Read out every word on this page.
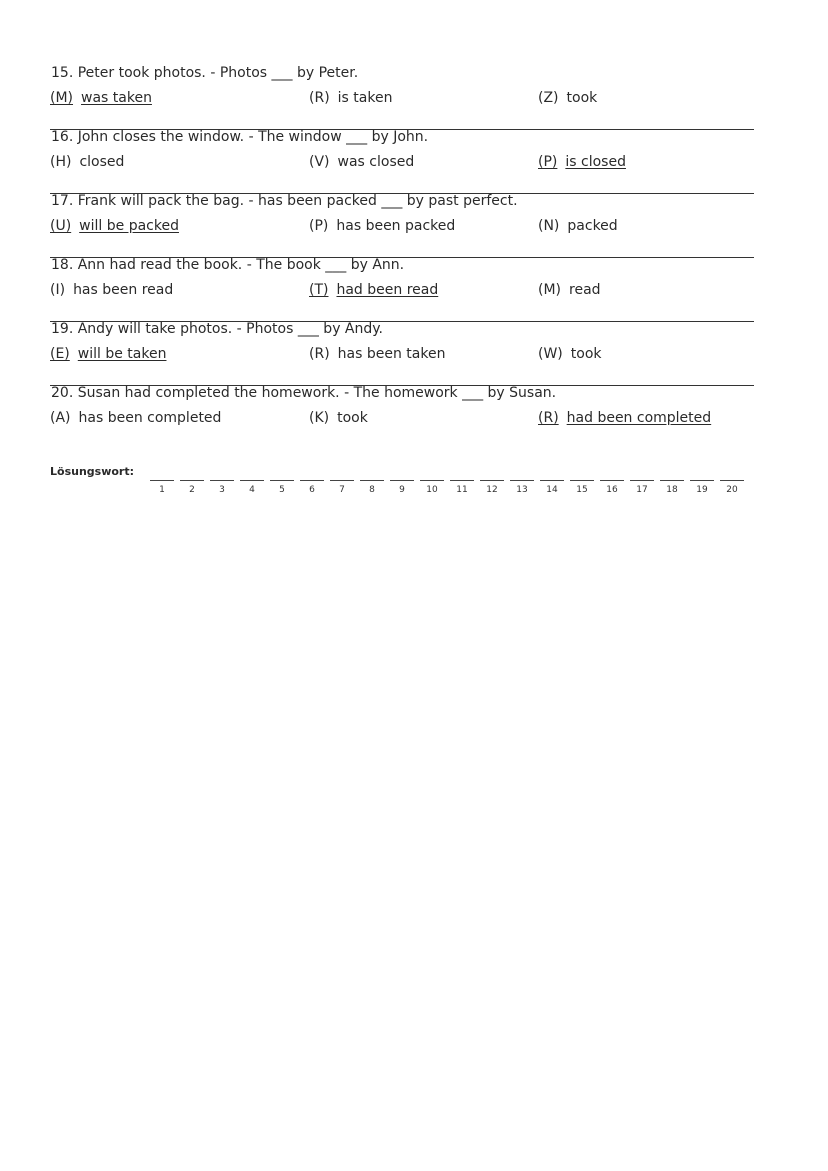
15. Peter took photos. - Photos ___ by Peter.
(M) was taken	(R) is taken	(Z) took
16. John closes the window. - The window ___ by John.
(H) closed	(V) was closed	(P) is closed
17. Frank will pack the bag. - has been packed ___ by past perfect.
(U) will be packed	(P) has been packed	(N) packed
18. Ann had read the book. - The book ___ by Ann.
(I) has been read	(T) had been read	(M) read
19. Andy will take photos. - Photos ___ by Andy.
(E) will be taken	(R) has been taken	(W) took
20. Susan had completed the homework. - The homework ___ by Susan.
(A) has been completed	(K) took	(R) had been completed
Lösungswort:
1	2	3	4	5	6	7	8	9	10	11	12	13	14	15	16	17	18	19	20
